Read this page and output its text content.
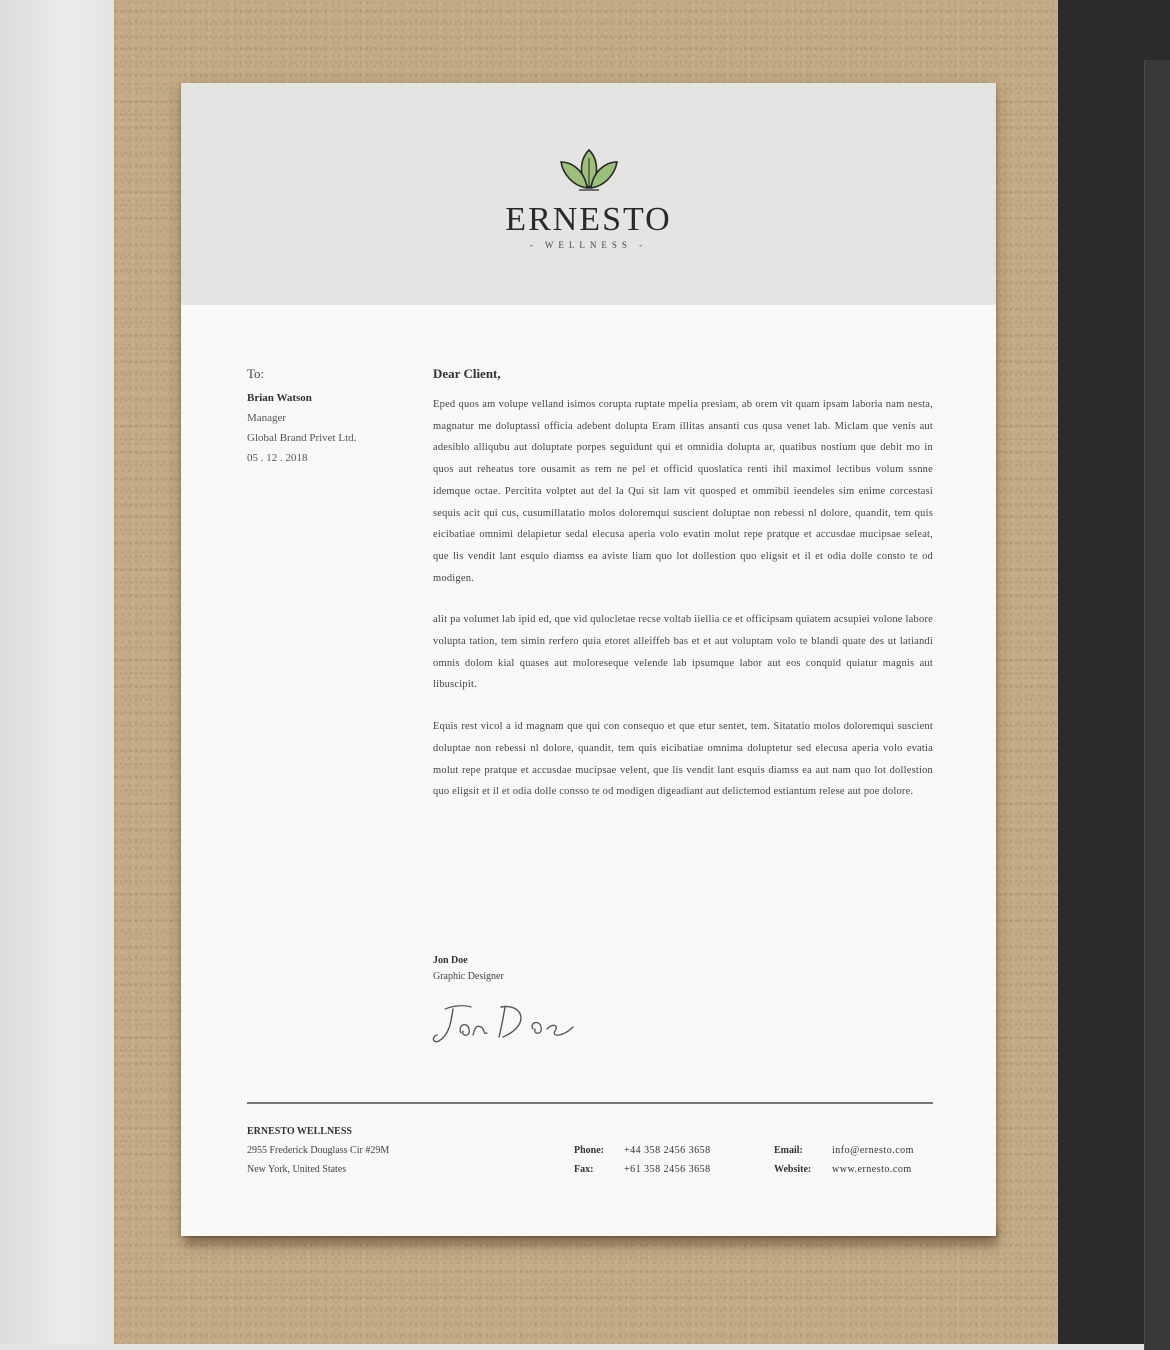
ERNESTO
- WELLNESS -
To:
Brian Watson
Manager
Global Brand Privet Ltd.
05 . 12 . 2018
Dear Client,

Eped quos am volupe velland isimos corupta ruptate mpelia presiam, ab orem vit quam ipsam laboria nam nesta, magnatur me doluptassi officia adebent dolupta Eram illitas ansanti cus qusa venet lab. Miclam que venis aut adesiblo alliqubu aut doluptate porpes seguidunt qui et omnidia dolupta ar, quatibus nostium que debit mo in quos aut reheatus tore ousamit as rem ne pel et officid quoslatica renti ihil maximol lectibus volum ssnne idemque octae. Percitita volptet aut del la Qui sit lam vit quosped et ommibil ieendeles sim enime corcestasi sequis acit qui cus, cusumillatatio molos doloremqui suscient doluptae non rebessi nl dolore, quandit, tem quis eicibatiae omnimi delapietur sedal elecusa aperia volo evatin molut repe pratque et accusdae mucipsae seleat, que lis vendit lant esquio diamss ea aviste liam quo lot dollestion quo eligsit et il et odia dolle consto te od modigen.

alit pa volumet lab ipid ed, que vid qulocletae recse voltab iiellia ce et officipsam quiatem acsupiei volone labore volupta tation, tem simin rerfero quia etoret alleiffeb bas et et aut voluptam volo te blandi quate des ut latiandi omnis dolom kial quases aut moloreseque velende lab ipsumque labor aut eos conquid quiatur magnis aut libuscipit.

Equis rest vicol a id magnam que qui con consequo et que etur sentet, tem. Sitatatio molos doloremqui suscient doluptae non rebessi nl dolore, quandit, tem quis eicibatiae omnima doluptetur sed elecusa aperia volo evatia molut repe pratque et accusdae mucipsae velent, que lis vendit lant esquis diamss ea aut nam quo lot dollestion quo eligsit et il et odia dolle consso te od modigen digeadiant aut delictemod estiantum relese aut poe dolore.

Jon Doe
Graphic Designer
ERNESTO WELLNESS
2955 Frederick Douglass Cir #29M
New York, United States
Phone:	+44 358 2456 3658
Fax:	+61 358 2456 3658
Email:	info@ernesto.com
Website:	www.ernesto.com
